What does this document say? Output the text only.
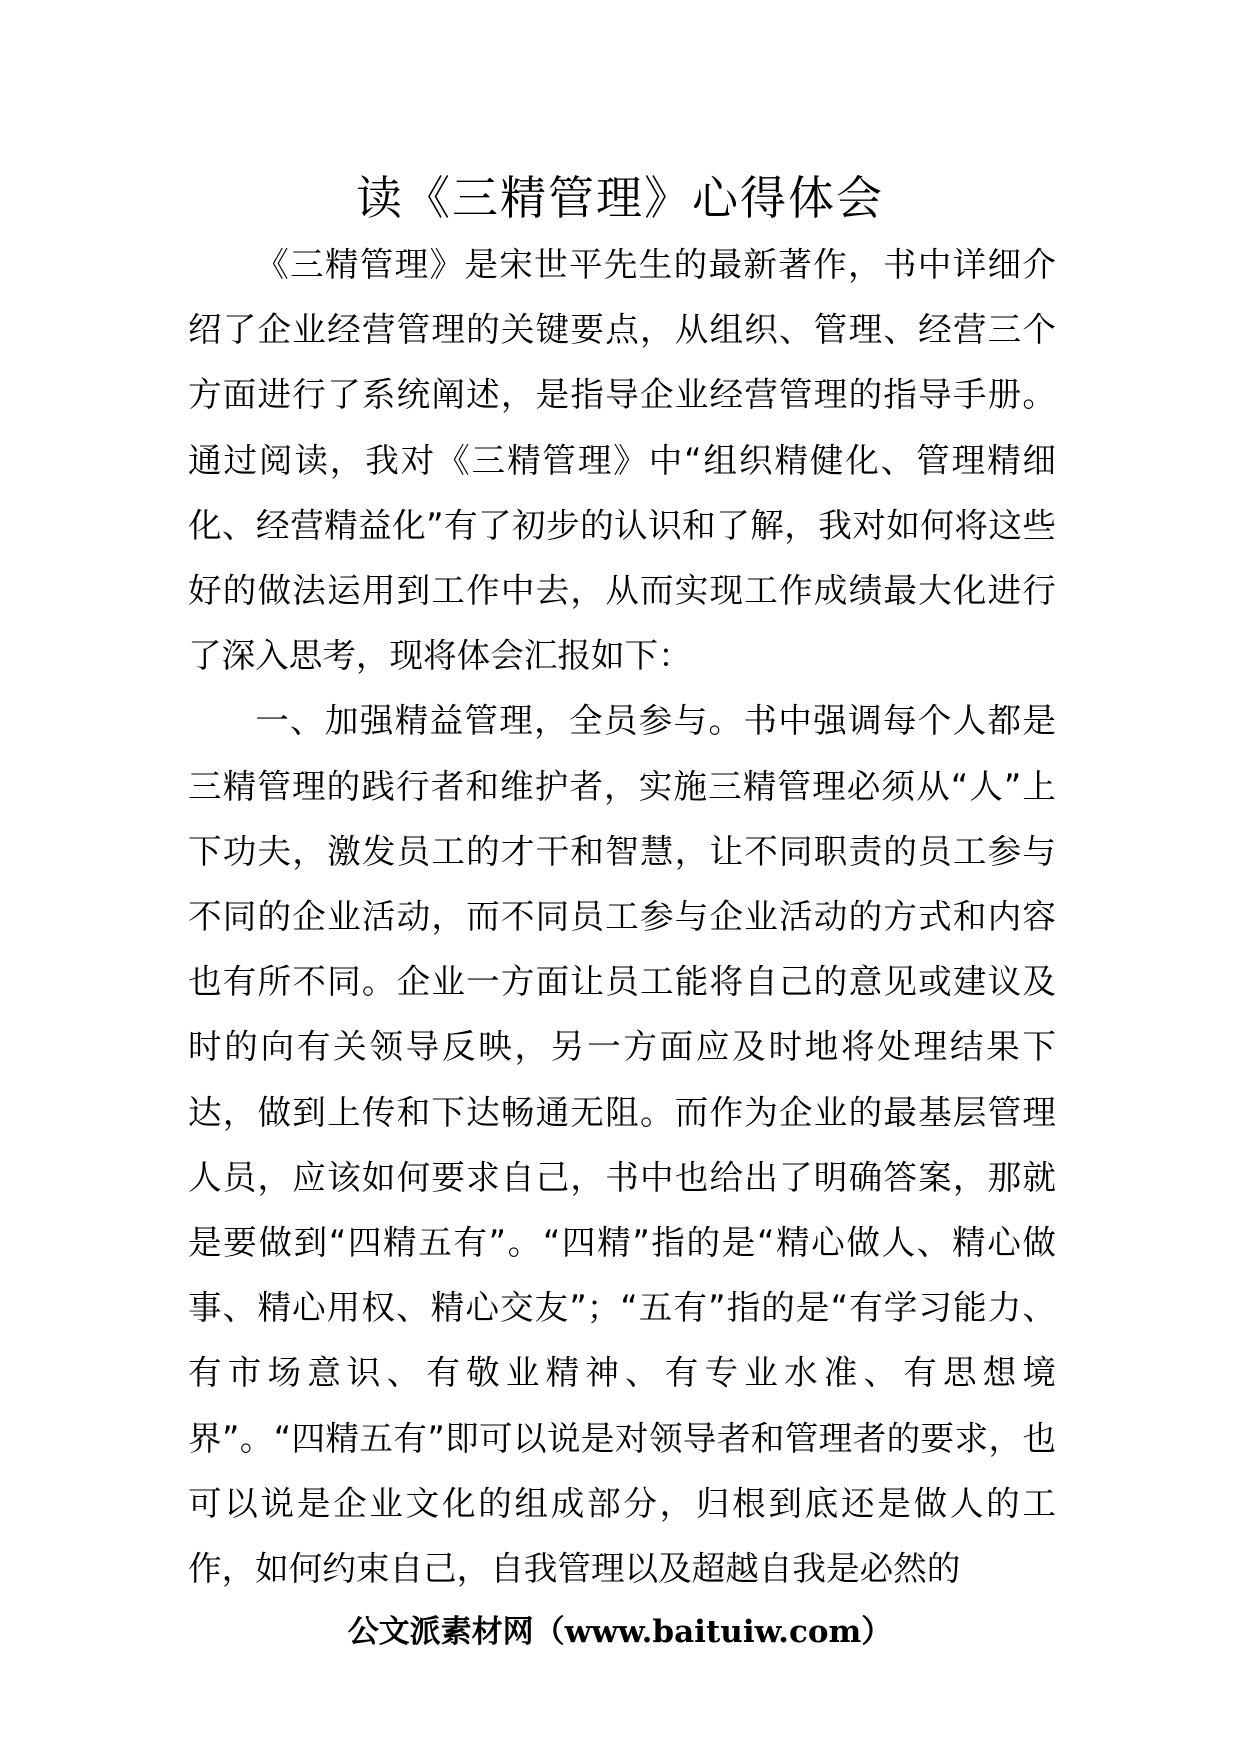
读《三精管理》心得体会

《三精管理》是宋世平先生的最新著作，书中详细介绍了企业经营管理的关键要点，从组织、管理、经营三个方面进行了系统阐述，是指导企业经营管理的指导手册。通过阅读，我对《三精管理》中“组织精健化、管理精细化、经营精益化”有了初步的认识和了解，我对如何将这些好的做法运用到工作中去，从而实现工作成绩最大化进行了深入思考，现将体会汇报如下：

一、加强精益管理，全员参与。书中强调每个人都是三精管理的践行者和维护者，实施三精管理必须从“人”上下功夫，激发员工的才干和智慧，让不同职责的员工参与不同的企业活动，而不同员工参与企业活动的方式和内容也有所不同。企业一方面让员工能将自己的意见或建议及时的向有关领导反映，另一方面应及时地将处理结果下达，做到上传和下达畅通无阻。而作为企业的最基层管理人员，应该如何要求自己，书中也给出了明确答案，那就是要做到“四精五有”。“四精”指的是“精心做人、精心做事、精心用权、精心交友”；“五有”指的是“有学习能力、有市场意识、有敬业精神、有专业水准、有思想境界”。“四精五有”即可以说是对领导者和管理者的要求，也可以说是企业文化的组成部分，归根到底还是做人的工作，如何约束自己，自我管理以及超越自我是必然的

公文派素材网（www.baituiw.com）
